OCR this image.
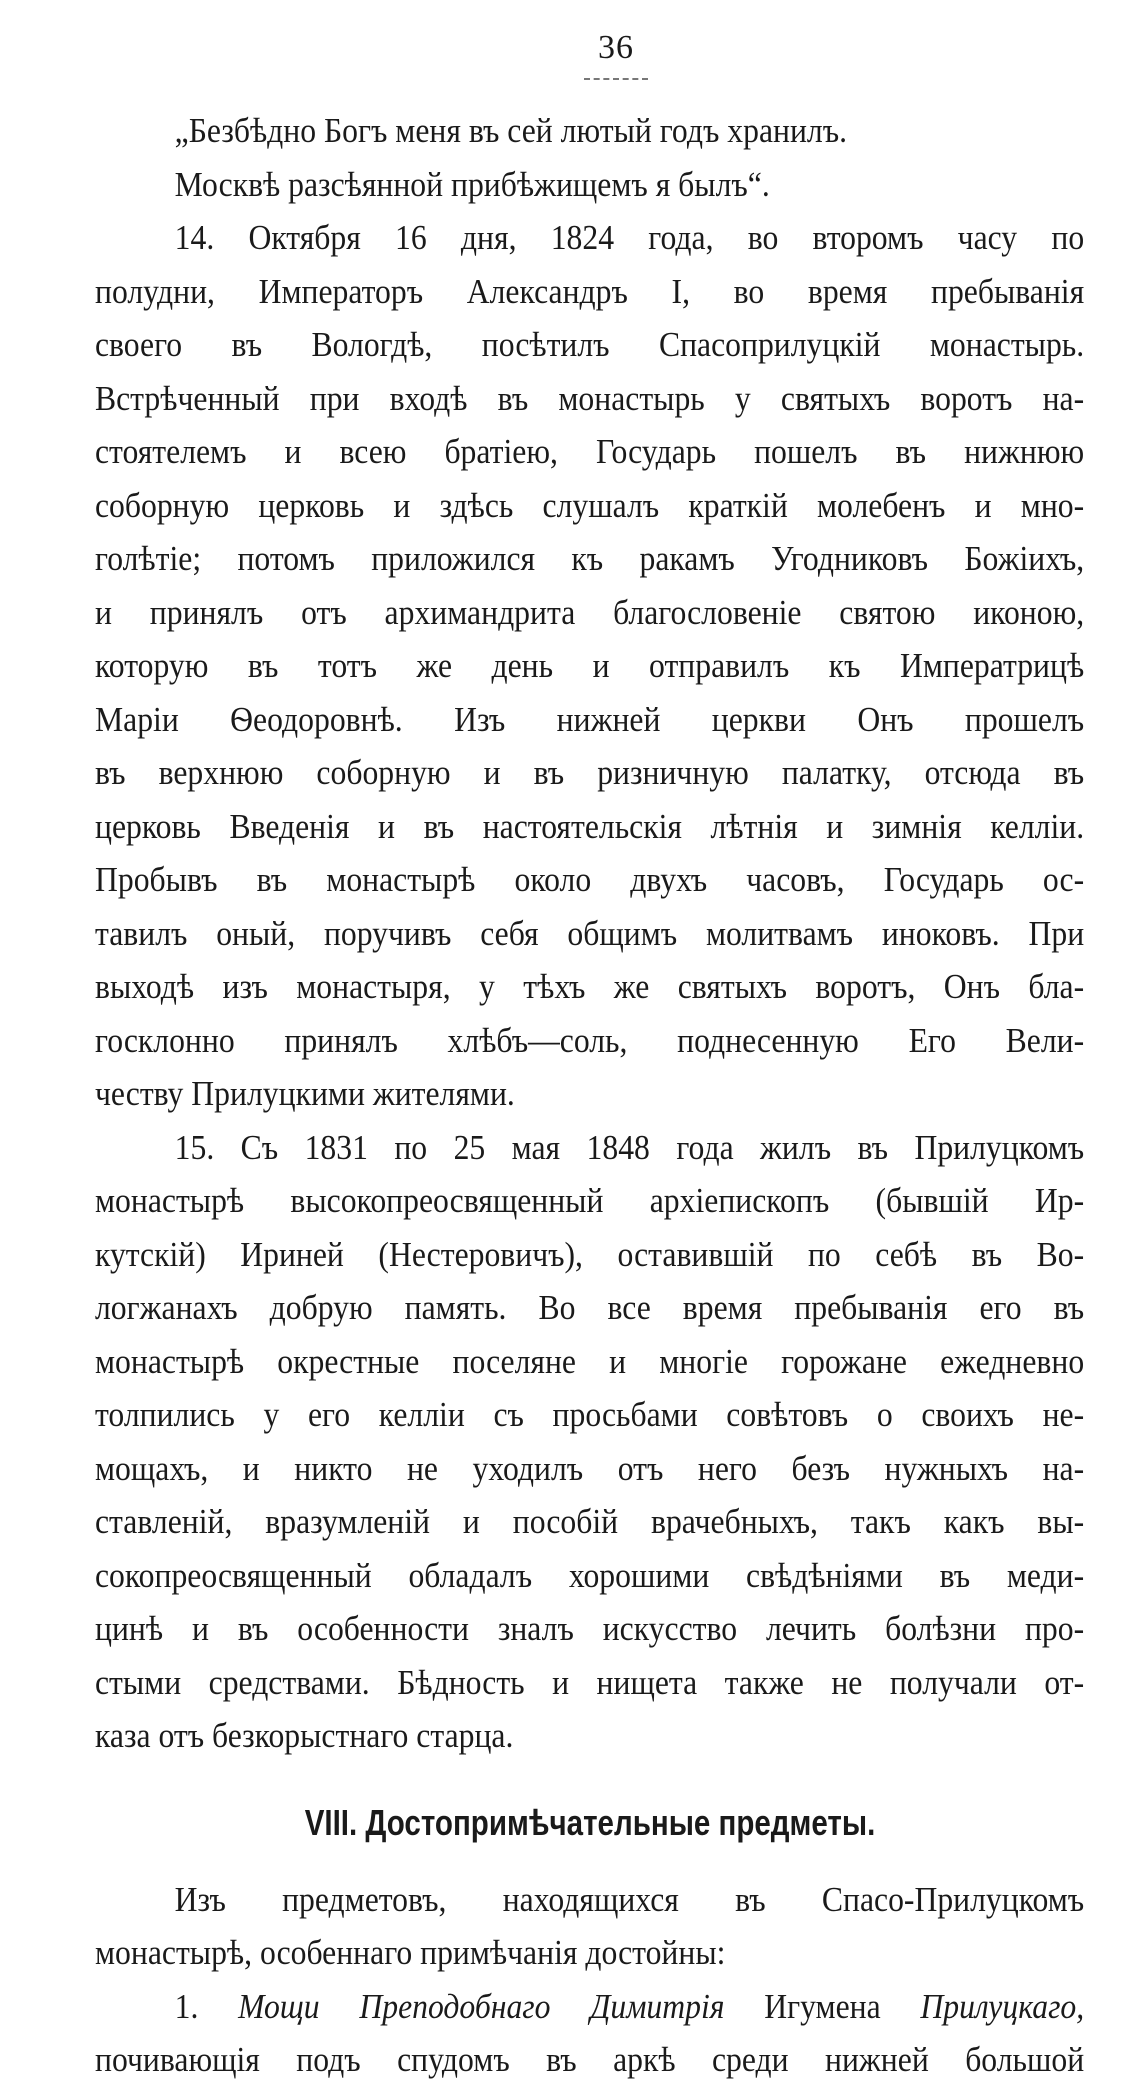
36
„Безбѣдно Богъ меня въ сей лютый годъ хранилъ.
Москвѣ разсѣянной прибѣжищемъ я былъ“.
14. Октября 16 дня, 1824 года, во второмъ часу по
полудни, Императоръ Александръ I, во время пребыванія
своего въ Вологдѣ, посѣтилъ Спасоприлуцкій монастырь.
Встрѣченный при входѣ въ монастырь у святыхъ воротъ на-
стоятелемъ и всею братіею, Государь пошелъ въ нижнюю
соборную церковь и здѣсь слушалъ краткій молебенъ и мно-
голѣтіе; потомъ приложился къ ракамъ Угодниковъ Божіихъ,
и принялъ отъ архимандрита благословеніе святою иконою,
которую въ тотъ же день и отправилъ къ Императрицѣ
Маріи Ѳеодоровнѣ. Изъ нижней церкви Онъ прошелъ
въ верхнюю соборную и въ ризничную палатку, отсюда въ
церковь Введенія и въ настоятельскія лѣтнія и зимнія келліи.
Пробывъ въ монастырѣ около двухъ часовъ, Государь ос-
тавилъ оный, поручивъ себя общимъ молитвамъ иноковъ. При
выходѣ изъ монастыря, у тѣхъ же святыхъ воротъ, Онъ бла-
госклонно принялъ хлѣбъ—соль, поднесенную Его Вели-
честву Прилуцкими жителями.
15. Съ 1831 по 25 мая 1848 года жилъ въ Прилуцкомъ
монастырѣ высокопреосвященный архіепископъ (бывшій Ир-
кутскій) Ириней (Нестеровичъ), оставившій по себѣ въ Во-
логжанахъ добрую память. Во все время пребыванія его въ
монастырѣ окрестные поселяне и многіе горожане ежедневно
толпились у его келліи съ просьбами совѣтовъ о своихъ не-
мощахъ, и никто не уходилъ отъ него безъ нужныхъ на-
ставленій, вразумленій и пособій врачебныхъ, такъ какъ вы-
сокопреосвященный обладалъ хорошими свѣдѣніями въ меди-
цинѣ и въ особенности зналъ искусство лечить болѣзни про-
стыми средствами. Бѣдность и нищета также не получали от-
каза отъ безкорыстнаго старца.
VIII. Достопримѣчательные предметы.
Изъ предметовъ, находящихся въ Спасо-Прилуцкомъ
монастырѣ, особеннаго примѣчанія достойны:
1. Мощи Преподобнаго Димитрія Игумена Прилуцкаго,
почивающія подъ спудомъ въ аркѣ среди нижней большой
